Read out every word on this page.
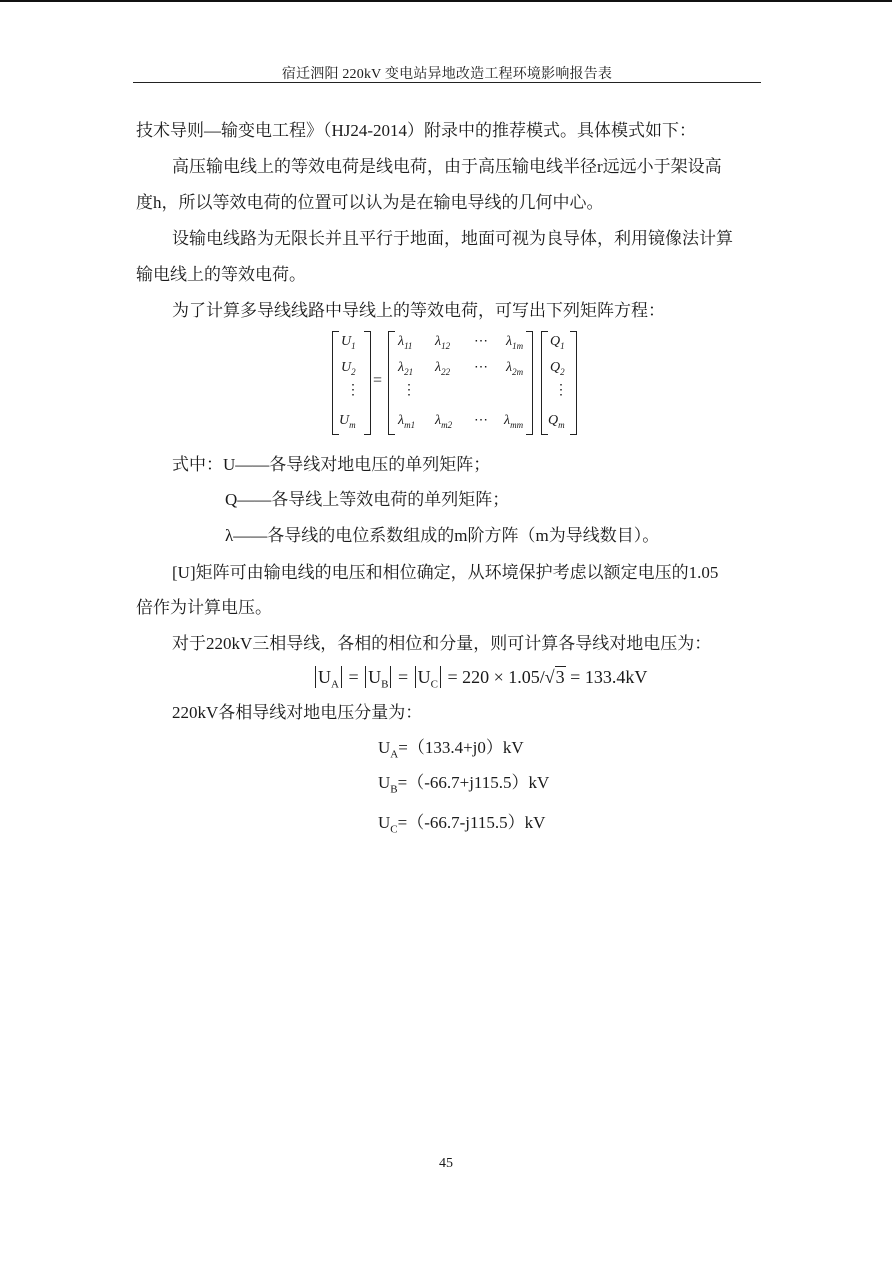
宿迁泗阳 220kV 变电站异地改造工程环境影响报告表
技术导则—输变电工程》（HJ24-2014）附录中的推荐模式。具体模式如下：
高压输电线上的等效电荷是线电荷，由于高压输电线半径r远远小于架设高
度h，所以等效电荷的位置可以认为是在输电导线的几何中心。
设输电线路为无限长并且平行于地面，地面可视为良导体，利用镜像法计算
输电线上的等效电荷。
为了计算多导线线路中导线上的等效电荷，可写出下列矩阵方程：
$U_1$
$U_2$
⋮
$U_m$
=
$\lambda_{11}$ $\lambda_{12}$ ⋯ $\lambda_{1m}$
$\lambda_{21}$ $\lambda_{22}$ ⋯ $\lambda_{2m}$
⋮
$\lambda_{m1}$ $\lambda_{m2}$ ⋯ $\lambda_{mm}$
$Q_1$
$Q_2$
⋮
$Q_m$
式中：U——各导线对地电压的单列矩阵；
Q——各导线上等效电荷的单列矩阵；
λ——各导线的电位系数组成的m阶方阵（m为导线数目）。
[U]矩阵可由输电线的电压和相位确定，从环境保护考虑以额定电压的1.05
倍作为计算电压。
对于220kV三相导线，各相的相位和分量，则可计算各导线对地电压为：
$U_A = U_B = U_C = 220 \times 1.05/√3 = 133.4kV$
220kV各相导线对地电压分量为：
$U_A=(133.4+j0)kV$
$U_B=(-66.7+j115.5)kV$
$U_C=(-66.7-j115.5)kV$
45
